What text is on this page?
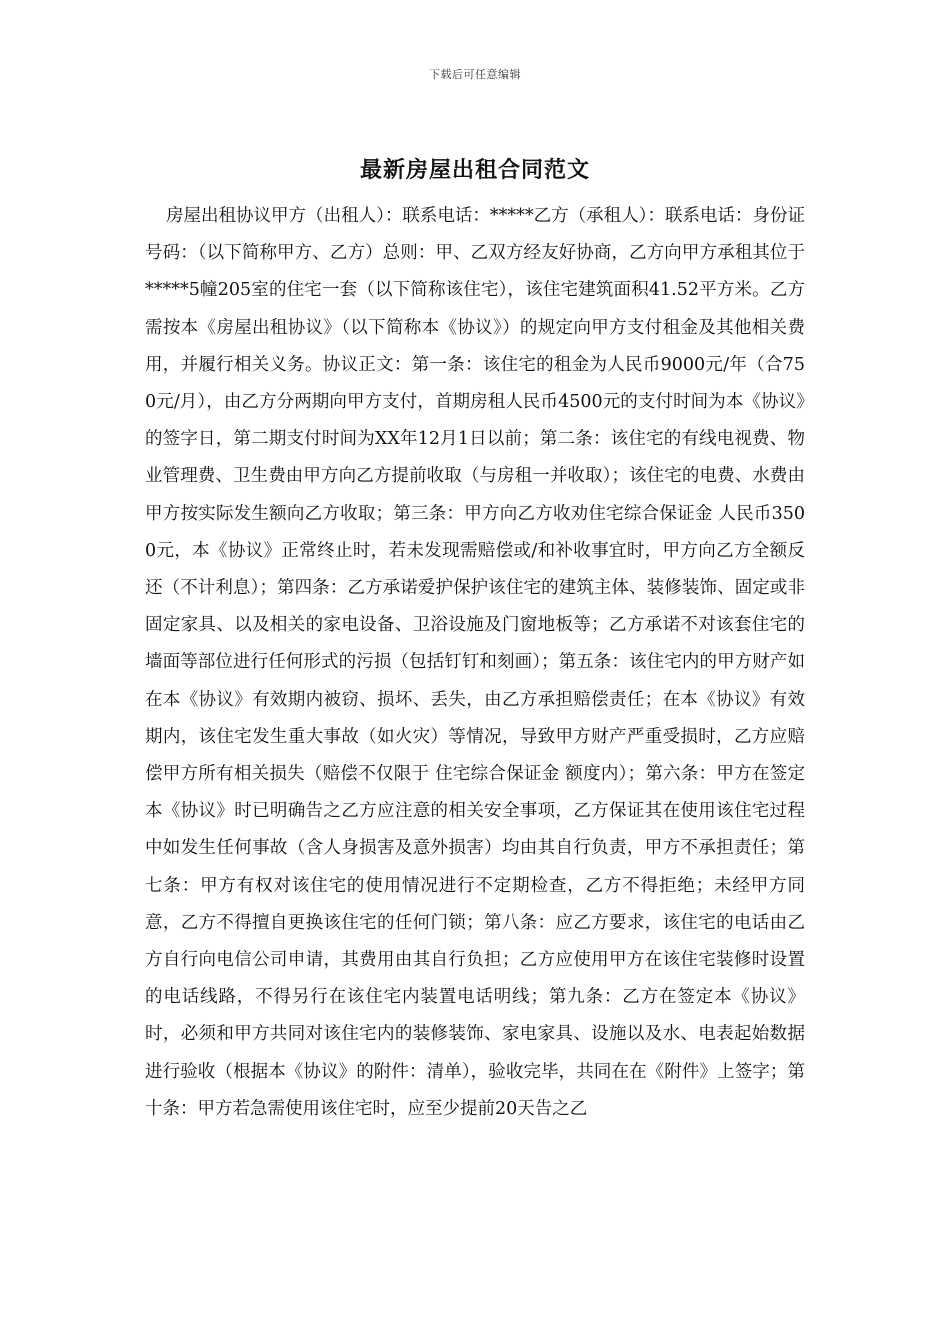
下载后可任意编辑
最新房屋出租合同范文

房屋出租协议甲方（出租人）：联系电话：*****乙方（承租人）：联系电话：身份证号码：（以下简称甲方、乙方）总则：甲、乙双方经友好协商，乙方向甲方承租其位于*****5幢205室的住宅一套（以下简称该住宅），该住宅建筑面积41.52平方米。乙方需按本《房屋出租协议》（以下简称本《协议》）的规定向甲方支付租金及其他相关费用，并履行相关义务。协议正文：第一条：该住宅的租金为人民币9000元/年（合750元/月），由乙方分两期向甲方支付，首期房租人民币4500元的支付时间为本《协议》的签字日，第二期支付时间为XX年12月1日以前；第二条：该住宅的有线电视费、物业管理费、卫生费由甲方向乙方提前收取（与房租一并收取）；该住宅的电费、水费由甲方按实际发生额向乙方收取；第三条：甲方向乙方收劝住宅综合保证金 人民币3500元，本《协议》正常终止时，若未发现需赔偿或/和补收事宜时，甲方向乙方全额反还（不计利息）；第四条：乙方承诺爱护保护该住宅的建筑主体、装修装饰、固定或非固定家具、以及相关的家电设备、卫浴设施及门窗地板等；乙方承诺不对该套住宅的墙面等部位进行任何形式的污损（包括钉钉和刻画）；第五条：该住宅内的甲方财产如在本《协议》有效期内被窃、损坏、丢失，由乙方承担赔偿责任；在本《协议》有效期内，该住宅发生重大事故（如火灾）等情况，导致甲方财产严重受损时，乙方应赔偿甲方所有相关损失（赔偿不仅限于 住宅综合保证金 额度内）；第六条：甲方在签定本《协议》时已明确告之乙方应注意的相关安全事项，乙方保证其在使用该住宅过程中如发生任何事故（含人身损害及意外损害）均由其自行负责，甲方不承担责任；第七条：甲方有权对该住宅的使用情况进行不定期检查，乙方不得拒绝；未经甲方同意，乙方不得擅自更换该住宅的任何门锁；第八条：应乙方要求，该住宅的电话由乙方自行向电信公司申请，其费用由其自行负担；乙方应使用甲方在该住宅装修时设置的电话线路，不得另行在该住宅内装置电话明线；第九条：乙方在签定本《协议》时，必须和甲方共同对该住宅内的装修装饰、家电家具、设施以及水、电表起始数据进行验收（根据本《协议》的附件：清单），验收完毕，共同在在《附件》上签字；第十条：甲方若急需使用该住宅时，应至少提前20天告之乙
